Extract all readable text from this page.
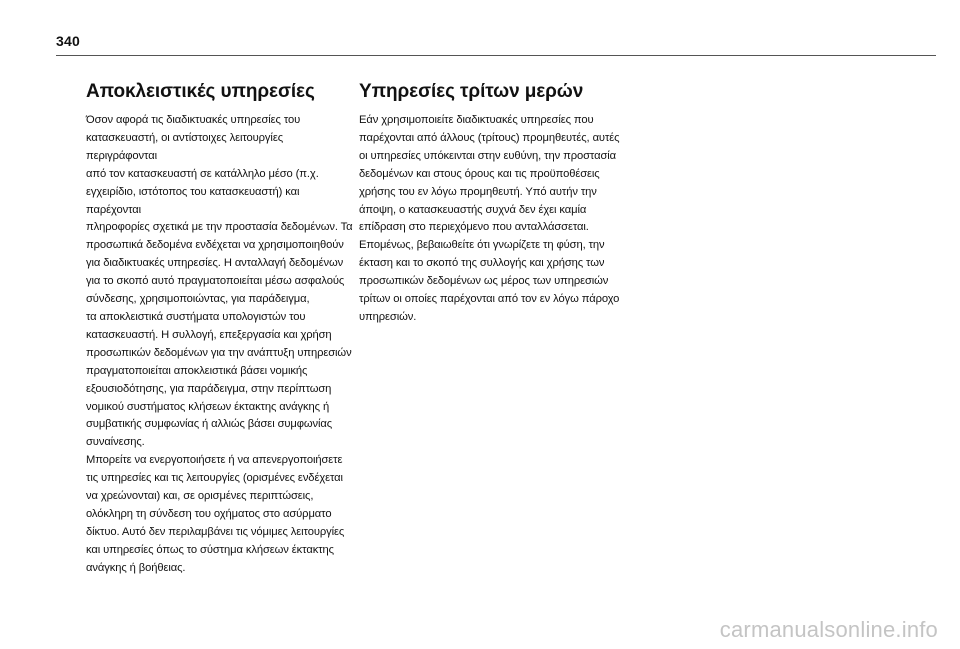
340
Αποκλειστικές υπηρεσίες

Όσον αφορά τις διαδικτυακές υπηρεσίες του
κατασκευαστή, οι αντίστοιχες λειτουργίες περιγράφονται
από τον κατασκευαστή σε κατάλληλο μέσο (π.χ.
εγχειρίδιο, ιστότοπος του κατασκευαστή) και παρέχονται
πληροφορίες σχετικά με την προστασία δεδομένων. Τα
προσωπικά δεδομένα ενδέχεται να χρησιμοποιηθούν
για διαδικτυακές υπηρεσίες. Η ανταλλαγή δεδομένων
για το σκοπό αυτό πραγματοποιείται μέσω ασφαλούς
σύνδεσης, χρησιμοποιώντας, για παράδειγμα,
τα αποκλειστικά συστήματα υπολογιστών του
κατασκευαστή. Η συλλογή, επεξεργασία και χρήση
προσωπικών δεδομένων για την ανάπτυξη υπηρεσιών
πραγματοποιείται αποκλειστικά βάσει νομικής
εξουσιοδότησης, για παράδειγμα, στην περίπτωση
νομικού συστήματος κλήσεων έκτακτης ανάγκης ή
συμβατικής συμφωνίας ή αλλιώς βάσει συμφωνίας
συναίνεσης.

Μπορείτε να ενεργοποιήσετε ή να απενεργοποιήσετε
τις υπηρεσίες και τις λειτουργίες (ορισμένες ενδέχεται
να χρεώνονται) και, σε ορισμένες περιπτώσεις,
ολόκληρη τη σύνδεση του οχήματος στο ασύρματο
δίκτυο. Αυτό δεν περιλαμβάνει τις νόμιμες λειτουργίες
και υπηρεσίες όπως το σύστημα κλήσεων έκτακτης
ανάγκης ή βοήθειας.

Υπηρεσίες τρίτων μερών

Εάν χρησιμοποιείτε διαδικτυακές υπηρεσίες που
παρέχονται από άλλους (τρίτους) προμηθευτές, αυτές
οι υπηρεσίες υπόκεινται στην ευθύνη, την προστασία
δεδομένων και στους όρους και τις προϋποθέσεις
χρήσης του εν λόγω προμηθευτή. Υπό αυτήν την
άποψη, ο κατασκευαστής συχνά δεν έχει καμία
επίδραση στο περιεχόμενο που ανταλλάσσεται.
Επομένως, βεβαιωθείτε ότι γνωρίζετε τη φύση, την
έκταση και το σκοπό της συλλογής και χρήσης των
προσωπικών δεδομένων ως μέρος των υπηρεσιών
τρίτων οι οποίες παρέχονται από τον εν λόγω πάροχο
υπηρεσιών.

carmanualsonline.info
